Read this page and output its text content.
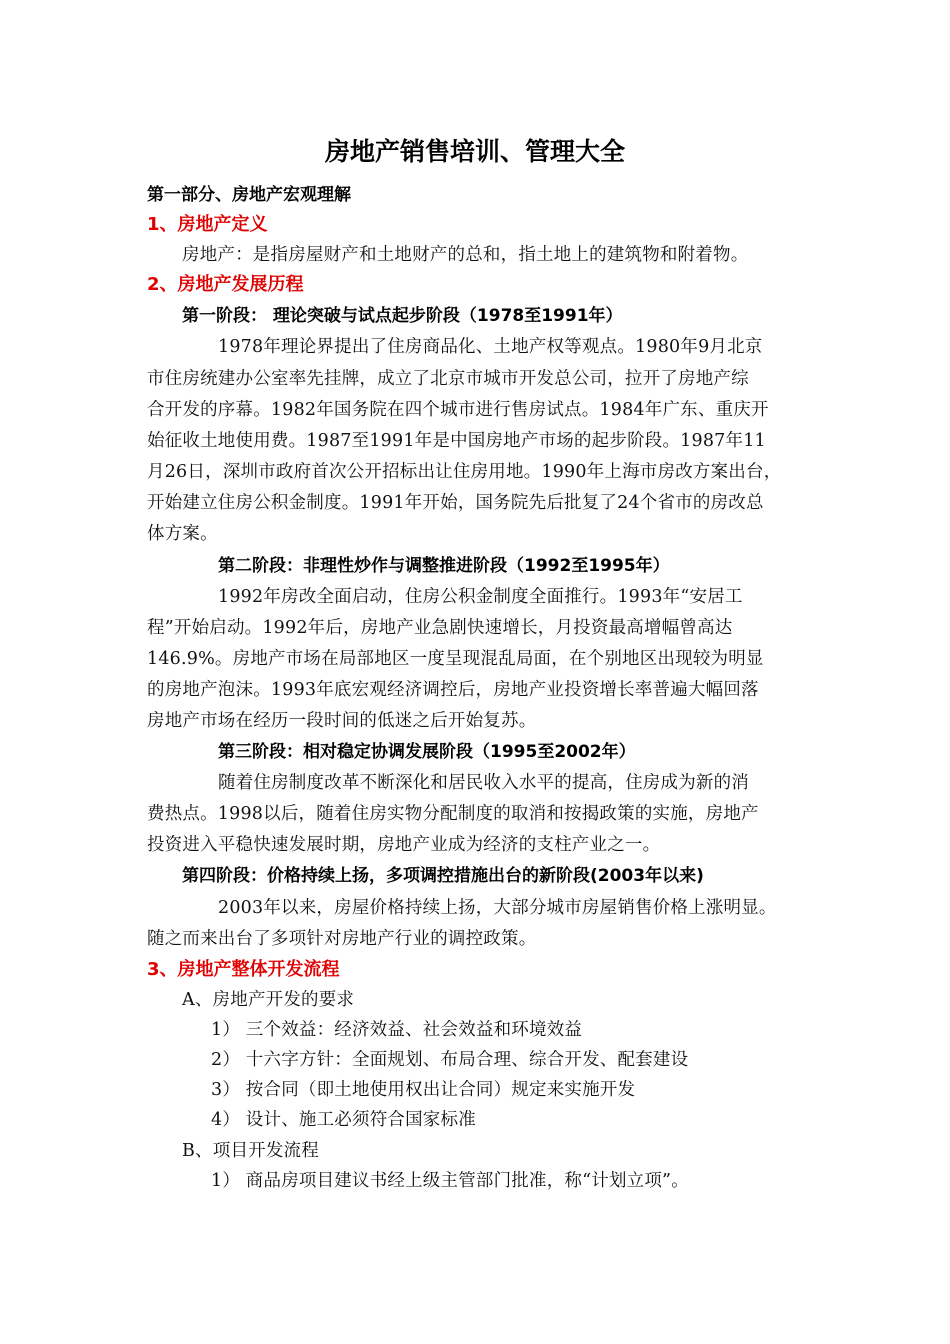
房地产销售培训、管理大全
第一部分、房地产宏观理解
1、房地产定义
房地产：是指房屋财产和土地财产的总和，指土地上的建筑物和附着物。
2、房地产发展历程
第一阶段： 理论突破与试点起步阶段（1978至1991年）
1978年理论界提出了住房商品化、土地产权等观点。1980年9月北京
市住房统建办公室率先挂牌，成立了北京市城市开发总公司，拉开了房地产综
合开发的序幕。1982年国务院在四个城市进行售房试点。1984年广东、重庆开
始征收土地使用费。1987至1991年是中国房地产市场的起步阶段。1987年11
月26日，深圳市政府首次公开招标出让住房用地。1990年上海市房改方案出台，
开始建立住房公积金制度。1991年开始，国务院先后批复了24个省市的房改总
体方案。
第二阶段：非理性炒作与调整推进阶段（1992至1995年）
1992年房改全面启动，住房公积金制度全面推行。1993年“安居工
程”开始启动。1992年后，房地产业急剧快速增长，月投资最高增幅曾高达
146.9%。房地产市场在局部地区一度呈现混乱局面，在个别地区出现较为明显
的房地产泡沫。1993年底宏观经济调控后，房地产业投资增长率普遍大幅回落
房地产市场在经历一段时间的低迷之后开始复苏。
第三阶段：相对稳定协调发展阶段（1995至2002年）
随着住房制度改革不断深化和居民收入水平的提高，住房成为新的消
费热点。1998以后，随着住房实物分配制度的取消和按揭政策的实施，房地产
投资进入平稳快速发展时期，房地产业成为经济的支柱产业之一。
第四阶段：价格持续上扬，多项调控措施出台的新阶段(2003年以来)
2003年以来，房屋价格持续上扬，大部分城市房屋销售价格上涨明显。
随之而来出台了多项针对房地产行业的调控政策。
3、房地产整体开发流程
A、房地产开发的要求
1） 三个效益：经济效益、社会效益和环境效益
2） 十六字方针：全面规划、布局合理、综合开发、配套建设
3） 按合同（即土地使用权出让合同）规定来实施开发
4） 设计、施工必须符合国家标准
B、项目开发流程
1） 商品房项目建议书经上级主管部门批准，称“计划立项”。
